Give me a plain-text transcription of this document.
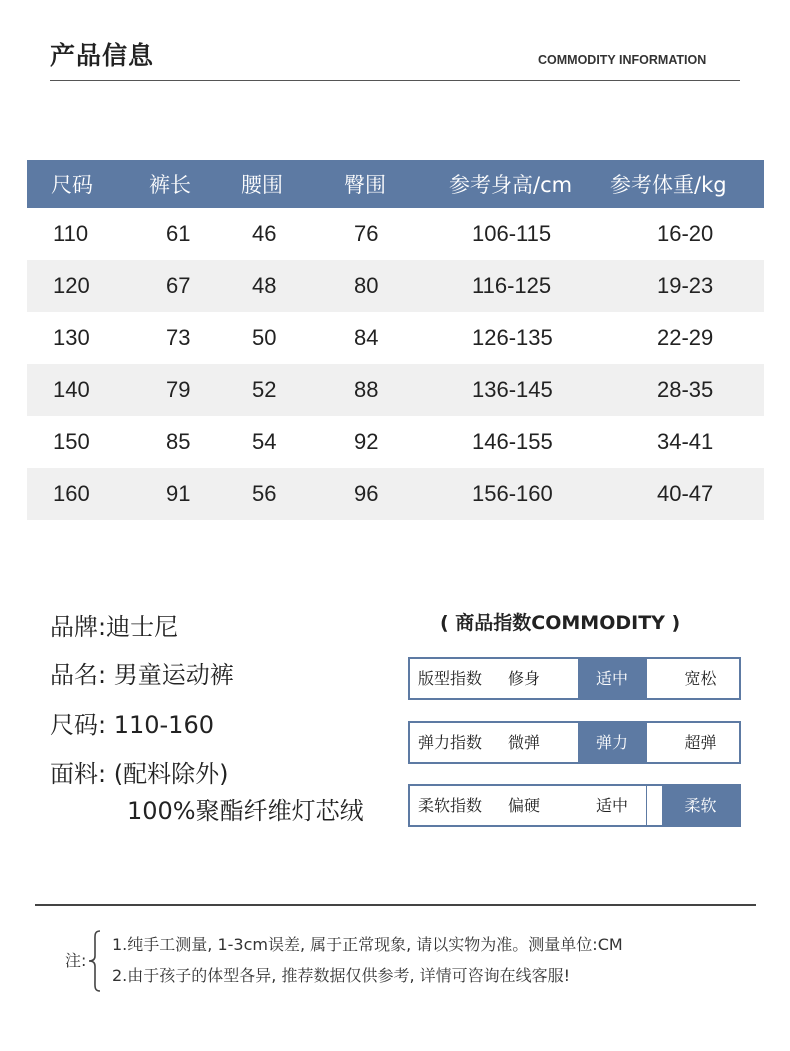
产品信息	COMMODITY INFORMATION
尺码	裤长	腰围	臀围	参考身高/cm	参考体重/kg
110	61	46	76	106-115	16-20
120	67	48	80	116-125	19-23
130	73	50	84	126-135	22-29
140	79	52	88	136-145	28-35
150	85	54	92	146-155	34-41
160	91	56	96	156-160	40-47
品牌:迪士尼
品名: 男童运动裤
尺码: 110-160
面料: (配料除外)
100%聚酯纤维灯芯绒
( 商品指数COMMODITY )
版型指数 修身	适中	宽松
弹力指数 微弹	弹力	超弹
柔软指数 偏硬	适中	柔软
注:
1.纯手工测量, 1-3cm误差, 属于正常现象, 请以实物为准。测量单位:CM
2.由于孩子的体型各异, 推荐数据仅供参考, 详情可咨询在线客服!
